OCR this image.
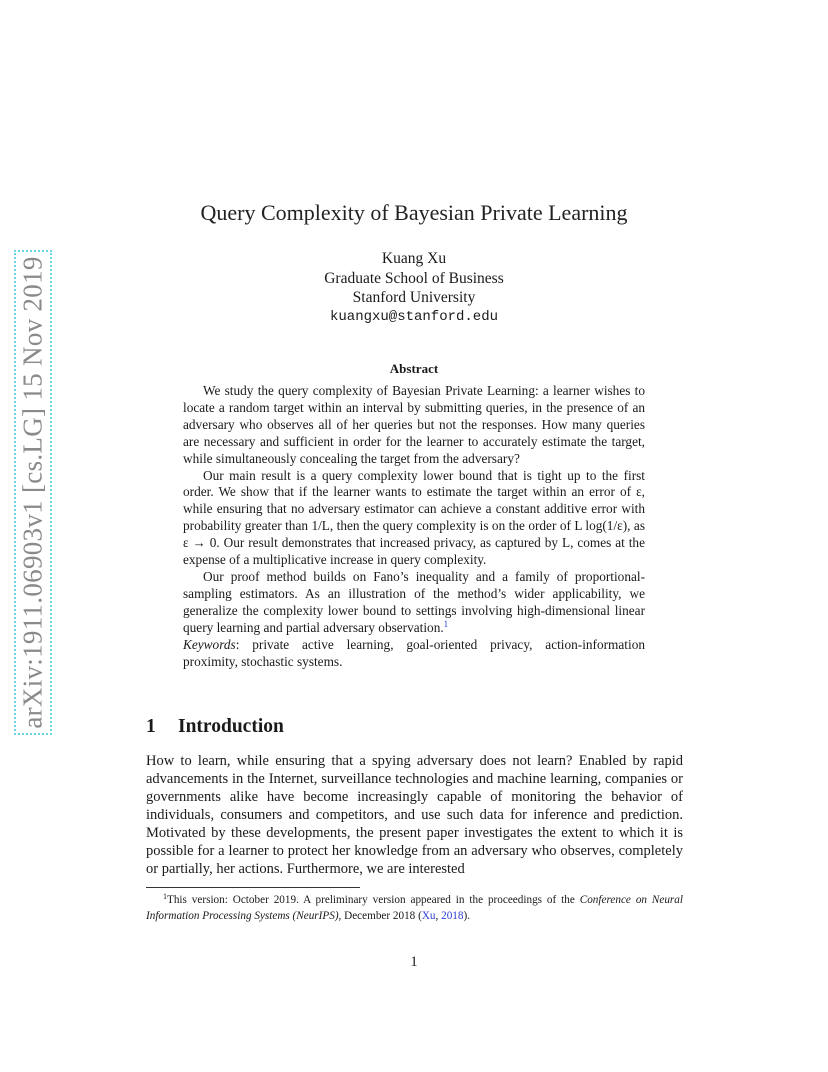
arXiv:1911.06903v1 [cs.LG] 15 Nov 2019
Query Complexity of Bayesian Private Learning
Kuang Xu
Graduate School of Business
Stanford University
kuangxu@stanford.edu
Abstract

We study the query complexity of Bayesian Private Learning: a learner wishes to locate a random target within an interval by submitting queries, in the presence of an adversary who observes all of her queries but not the responses. How many queries are necessary and sufficient in order for the learner to accurately estimate the target, while simultaneously concealing the target from the adversary?

Our main result is a query complexity lower bound that is tight up to the first order. We show that if the learner wants to estimate the target within an error of ε, while ensuring that no adversary estimator can achieve a constant additive error with probability greater than 1/L, then the query complexity is on the order of L log(1/ε), as ε → 0. Our result demonstrates that increased privacy, as captured by L, comes at the expense of a multiplicative increase in query complexity.

Our proof method builds on Fano’s inequality and a family of proportional-sampling estimators. As an illustration of the method’s wider applicability, we generalize the complexity lower bound to settings involving high-dimensional linear query learning and partial adversary observation.$^1$

Keywords: private active learning, goal-oriented privacy, action-information proximity, stochastic systems.

1 Introduction

How to learn, while ensuring that a spying adversary does not learn? Enabled by rapid advancements in the Internet, surveillance technologies and machine learning, companies or governments alike have become increasingly capable of monitoring the behavior of individuals, consumers and competitors, and use such data for inference and prediction. Motivated by these developments, the present paper investigates the extent to which it is possible for a learner to protect her knowledge from an adversary who observes, completely or partially, her actions. Furthermore, we are interested

$^1$This version: October 2019. A preliminary version appeared in the proceedings of the Conference on Neural Information Processing Systems (NeurIPS), December 2018 (Xu, 2018).

1
